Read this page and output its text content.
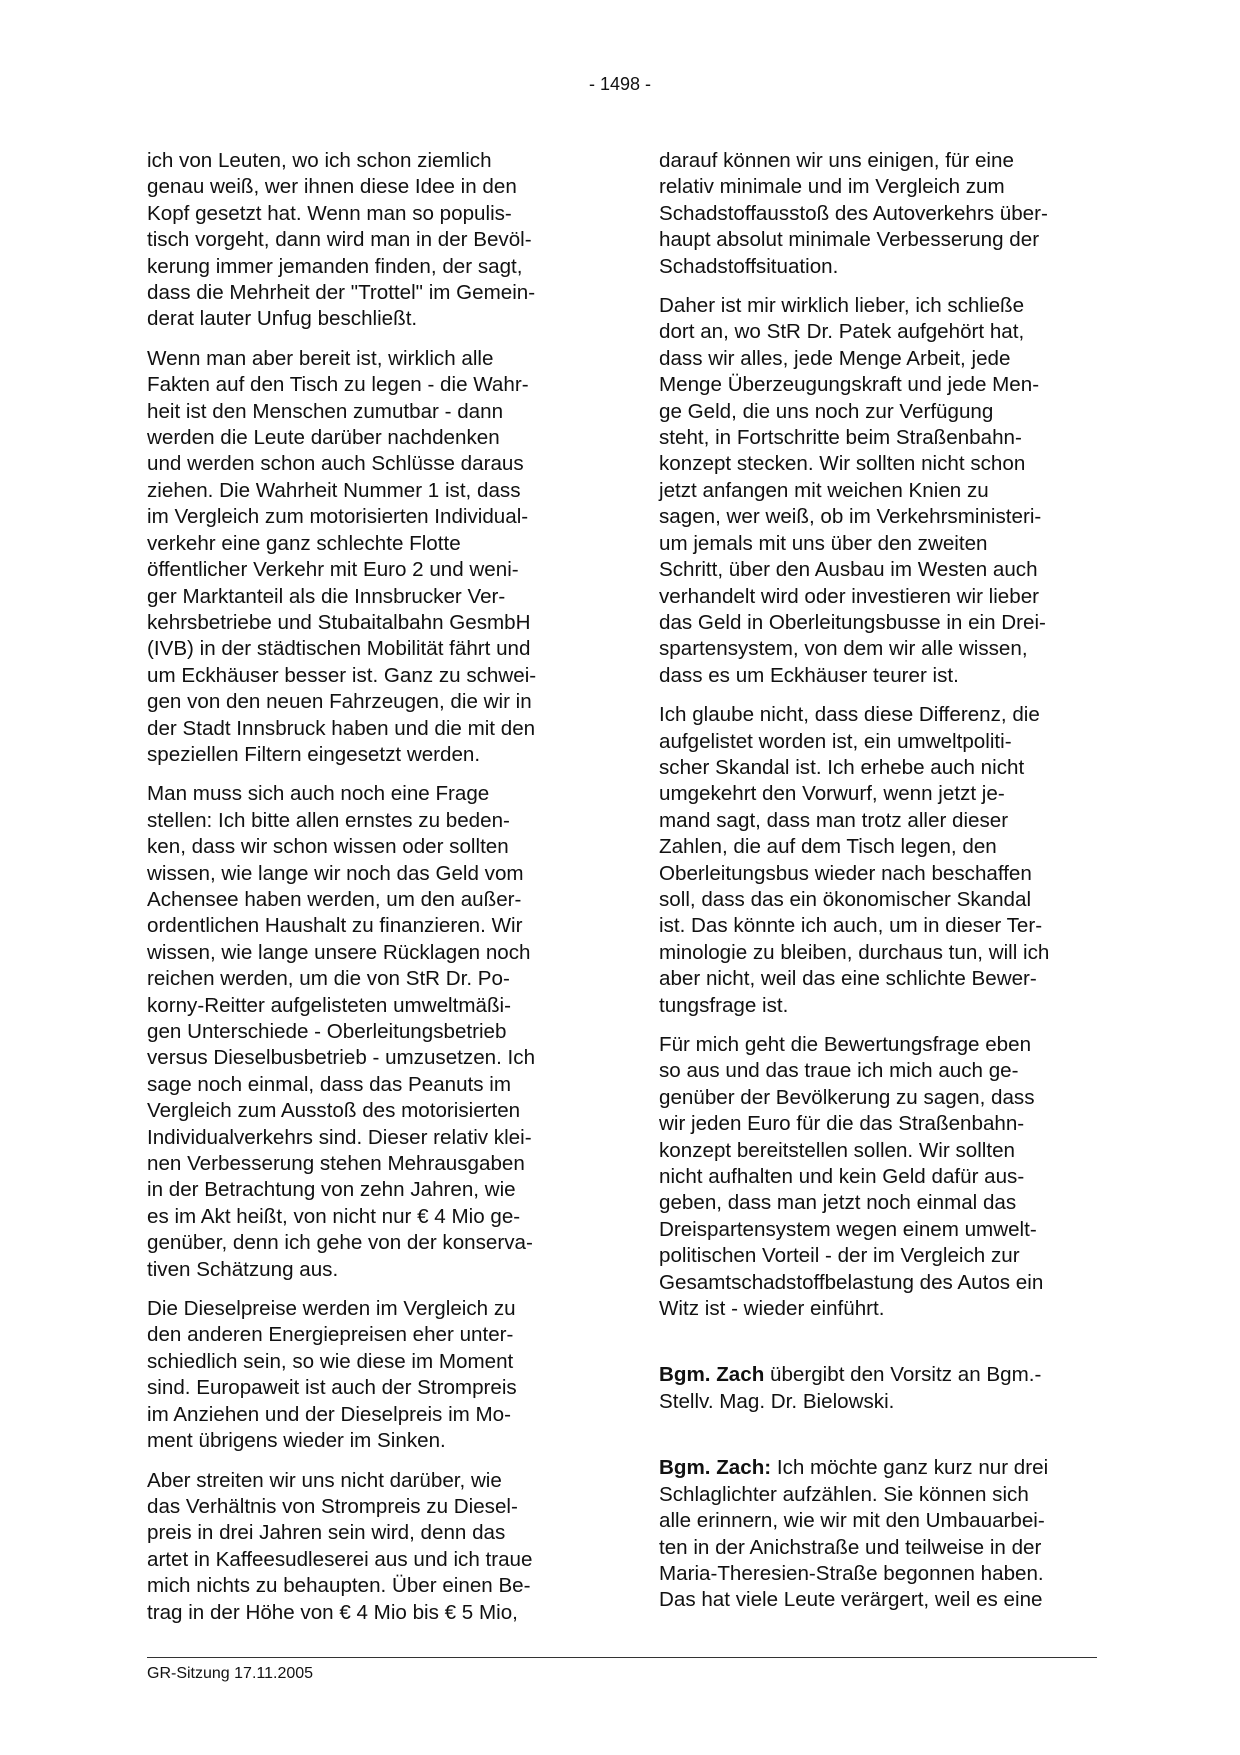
- 1498 -

ich von Leuten, wo ich schon ziemlich
genau weiß, wer ihnen diese Idee in den
Kopf gesetzt hat. Wenn man so populis-
tisch vorgeht, dann wird man in der Bevöl-
kerung immer jemanden finden, der sagt,
dass die Mehrheit der "Trottel" im Gemein-
derat lauter Unfug beschließt.

Wenn man aber bereit ist, wirklich alle
Fakten auf den Tisch zu legen - die Wahr-
heit ist den Menschen zumutbar - dann
werden die Leute darüber nachdenken
und werden schon auch Schlüsse daraus
ziehen. Die Wahrheit Nummer 1 ist, dass
im Vergleich zum motorisierten Individual-
verkehr eine ganz schlechte Flotte
öffentlicher Verkehr mit Euro 2 und weni-
ger Marktanteil als die Innsbrucker Ver-
kehrsbetriebe und Stubaitalbahn GesmbH
(IVB) in der städtischen Mobilität fährt und
um Eckhäuser besser ist. Ganz zu schwei-
gen von den neuen Fahrzeugen, die wir in
der Stadt Innsbruck haben und die mit den
speziellen Filtern eingesetzt werden.

Man muss sich auch noch eine Frage
stellen: Ich bitte allen ernstes zu beden-
ken, dass wir schon wissen oder sollten
wissen, wie lange wir noch das Geld vom
Achensee haben werden, um den außer-
ordentlichen Haushalt zu finanzieren. Wir
wissen, wie lange unsere Rücklagen noch
reichen werden, um die von StR Dr. Po-
korny-Reitter aufgelisteten umweltmäßi-
gen Unterschiede - Oberleitungsbetrieb
versus Dieselbusbetrieb - umzusetzen. Ich
sage noch einmal, dass das Peanuts im
Vergleich zum Ausstoß des motorisierten
Individualverkehrs sind. Dieser relativ klei-
nen Verbesserung stehen Mehrausgaben
in der Betrachtung von zehn Jahren, wie
es im Akt heißt, von nicht nur € 4 Mio ge-
genüber, denn ich gehe von der konserva-
tiven Schätzung aus.

Die Dieselpreise werden im Vergleich zu
den anderen Energiepreisen eher unter-
schiedlich sein, so wie diese im Moment
sind. Europaweit ist auch der Strompreis
im Anziehen und der Dieselpreis im Mo-
ment übrigens wieder im Sinken.

Aber streiten wir uns nicht darüber, wie
das Verhältnis von Strompreis zu Diesel-
preis in drei Jahren sein wird, denn das
artet in Kaffeesudleserei aus und ich traue
mich nichts zu behaupten. Über einen Be-
trag in der Höhe von € 4 Mio bis € 5 Mio,

darauf können wir uns einigen, für eine
relativ minimale und im Vergleich zum
Schadstoffausstoß des Autoverkehrs über-
haupt absolut minimale Verbesserung der
Schadstoffsituation.

Daher ist mir wirklich lieber, ich schließe
dort an, wo StR Dr. Patek aufgehört hat,
dass wir alles, jede Menge Arbeit, jede
Menge Überzeugungskraft und jede Men-
ge Geld, die uns noch zur Verfügung
steht, in Fortschritte beim Straßenbahn-
konzept stecken. Wir sollten nicht schon
jetzt anfangen mit weichen Knien zu
sagen, wer weiß, ob im Verkehrsministeri-
um jemals mit uns über den zweiten
Schritt, über den Ausbau im Westen auch
verhandelt wird oder investieren wir lieber
das Geld in Oberleitungsbusse in ein Drei-
spartensystem, von dem wir alle wissen,
dass es um Eckhäuser teurer ist.

Ich glaube nicht, dass diese Differenz, die
aufgelistet worden ist, ein umweltpoliti-
scher Skandal ist. Ich erhebe auch nicht
umgekehrt den Vorwurf, wenn jetzt je-
mand sagt, dass man trotz aller dieser
Zahlen, die auf dem Tisch legen, den
Oberleitungsbus wieder nach beschaffen
soll, dass das ein ökonomischer Skandal
ist. Das könnte ich auch, um in dieser Ter-
minologie zu bleiben, durchaus tun, will ich
aber nicht, weil das eine schlichte Bewer-
tungsfrage ist.

Für mich geht die Bewertungsfrage eben
so aus und das traue ich mich auch ge-
genüber der Bevölkerung zu sagen, dass
wir jeden Euro für die das Straßenbahn-
konzept bereitstellen sollen. Wir sollten
nicht aufhalten und kein Geld dafür aus-
geben, dass man jetzt noch einmal das
Dreispartensystem wegen einem umwelt-
politischen Vorteil - der im Vergleich zur
Gesamtschadstoffbelastung des Autos ein
Witz ist - wieder einführt.

Bgm. Zach übergibt den Vorsitz an Bgm.-
Stellv. Mag. Dr. Bielowski.

Bgm. Zach: Ich möchte ganz kurz nur drei
Schlaglichter aufzählen. Sie können sich
alle erinnern, wie wir mit den Umbauarbei-
ten in der Anichstraße und teilweise in der
Maria-Theresien-Straße begonnen haben.
Das hat viele Leute verärgert, weil es eine

GR-Sitzung 17.11.2005
